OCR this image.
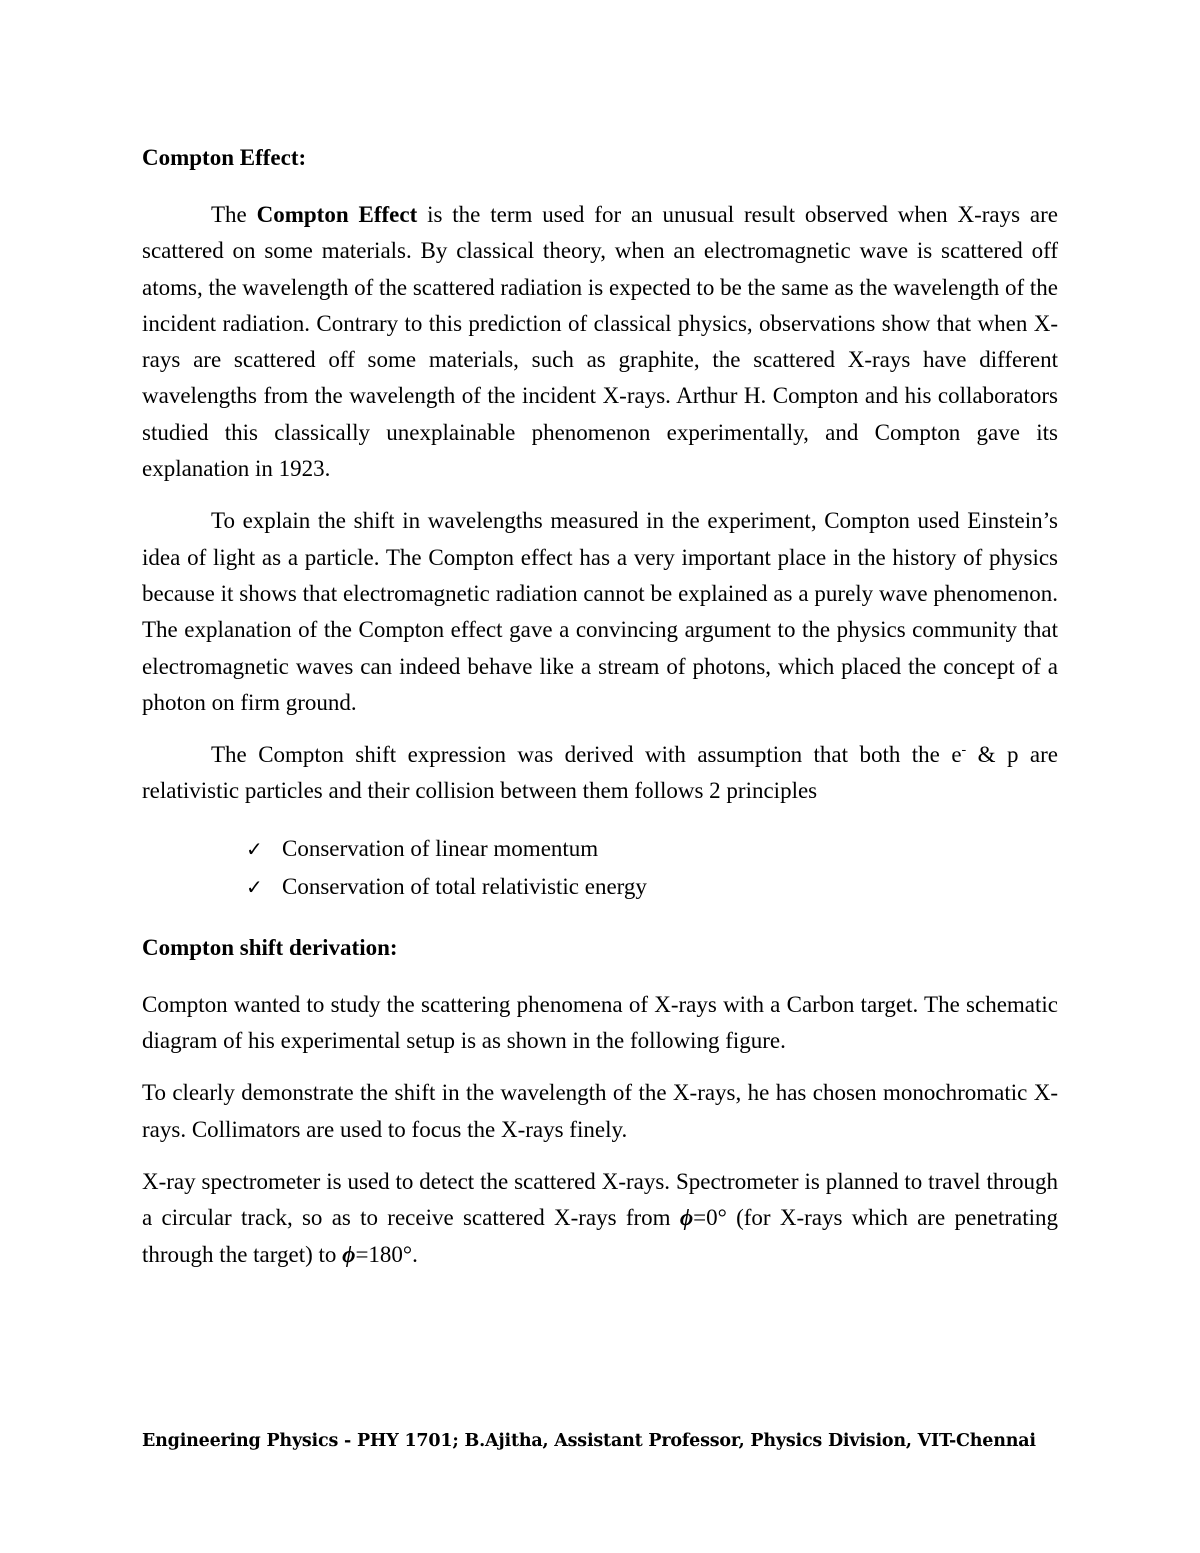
Compton Effect:

The Compton Effect is the term used for an unusual result observed when X-rays are scattered on some materials. By classical theory, when an electromagnetic wave is scattered off atoms, the wavelength of the scattered radiation is expected to be the same as the wavelength of the incident radiation. Contrary to this prediction of classical physics, observations show that when X-rays are scattered off some materials, such as graphite, the scattered X-rays have different wavelengths from the wavelength of the incident X-rays. Arthur H. Compton and his collaborators studied this classically unexplainable phenomenon experimentally, and Compton gave its explanation in 1923.

To explain the shift in wavelengths measured in the experiment, Compton used Einstein’s idea of light as a particle. The Compton effect has a very important place in the history of physics because it shows that electromagnetic radiation cannot be explained as a purely wave phenomenon. The explanation of the Compton effect gave a convincing argument to the physics community that electromagnetic waves can indeed behave like a stream of photons, which placed the concept of a photon on firm ground.

The Compton shift expression was derived with assumption that both the e- & p are relativistic particles and their collision between them follows 2 principles

✓ Conservation of linear momentum
✓ Conservation of total relativistic energy
Compton shift derivation:

Compton wanted to study the scattering phenomena of X-rays with a Carbon target. The schematic diagram of his experimental setup is as shown in the following figure.

To clearly demonstrate the shift in the wavelength of the X-rays, he has chosen monochromatic X-rays. Collimators are used to focus the X-rays finely.

X-ray spectrometer is used to detect the scattered X-rays. Spectrometer is planned to travel through a circular track, so as to receive scattered X-rays from ϕ=0° (for X-rays which are penetrating through the target) to ϕ=180°.

Engineering Physics - PHY 1701; B.Ajitha, Assistant Professor, Physics Division, VIT-Chennai
